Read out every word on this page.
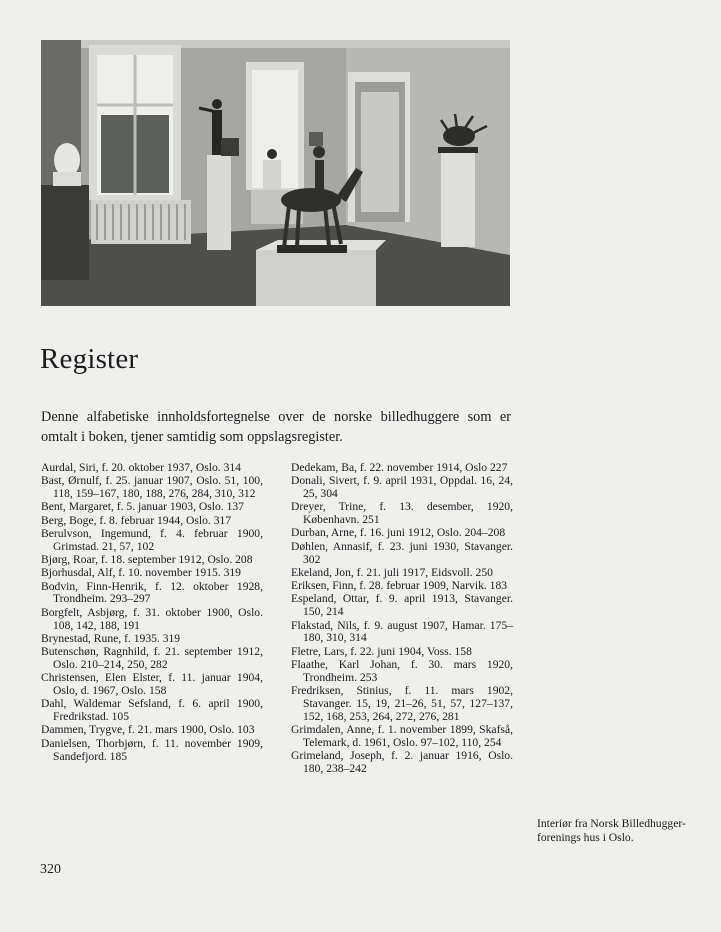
Register

Denne alfabetiske innholdsfortegnelse over de norske billedhuggere som er omtalt i boken, tjener samtidig som oppslagsregister.

Aurdal, Siri, f. 20. oktober 1937, Oslo. 314

Bast, Ørnulf, f. 25. januar 1907, Oslo. 51, 100, 118, 159–167, 180, 188, 276, 284, 310, 312

Bent, Margaret, f. 5. januar 1903, Oslo. 137

Berg, Boge, f. 8. februar 1944, Oslo. 317

Berulvson, Ingemund, f. 4. februar 1900, Grimstad. 21, 57, 102

Bjørg, Roar, f. 18. september 1912, Oslo. 208

Bjorhusdal, Alf, f. 10. november 1915. 319

Bodvin, Finn-Henrik, f. 12. oktober 1928, Trondheim. 293–297

Borgfelt, Asbjørg, f. 31. oktober 1900, Oslo. 108, 142, 188, 191

Brynestad, Rune, f. 1935. 319

Butenschøn, Ragnhild, f. 21. september 1912, Oslo. 210–214, 250, 282

Christensen, Elen Elster, f. 11. januar 1904, Oslo, d. 1967, Oslo. 158

Dahl, Waldemar Sefsland, f. 6. april 1900, Fredrikstad. 105

Dammen, Trygve, f. 21. mars 1900, Oslo. 103

Danielsen, Thorbjørn, f. 11. november 1909, Sandefjord. 185

Dedekam, Ba, f. 22. november 1914, Oslo 227

Donali, Sivert, f. 9. april 1931, Oppdal. 16, 24, 25, 304

Dreyer, Trine, f. 13. desember, 1920, København. 251

Durban, Arne, f. 16. juni 1912, Oslo. 204–208

Døhlen, Annasif, f. 23. juni 1930, Stavanger. 302

Ekeland, Jon, f. 21. juli 1917, Eidsvoll. 250

Eriksen, Finn, f. 28. februar 1909, Narvik. 183

Espeland, Ottar, f. 9. april 1913, Stavanger. 150, 214

Flakstad, Nils, f. 9. august 1907, Hamar. 175–180, 310, 314

Fletre, Lars, f. 22. juni 1904, Voss. 158

Flaathe, Karl Johan, f. 30. mars 1920, Trondheim. 253

Fredriksen, Stinius, f. 11. mars 1902, Stavanger. 15, 19, 21–26, 51, 57, 127–137, 152, 168, 253, 264, 272, 276, 281

Grimdalen, Anne, f. 1. november 1899, Skafså, Telemark, d. 1961, Oslo. 97–102, 110, 254

Grimeland, Joseph, f. 2. januar 1916, Oslo. 180, 238–242

Interiør fra Norsk Billedhugger-forenings hus i Oslo.

320
